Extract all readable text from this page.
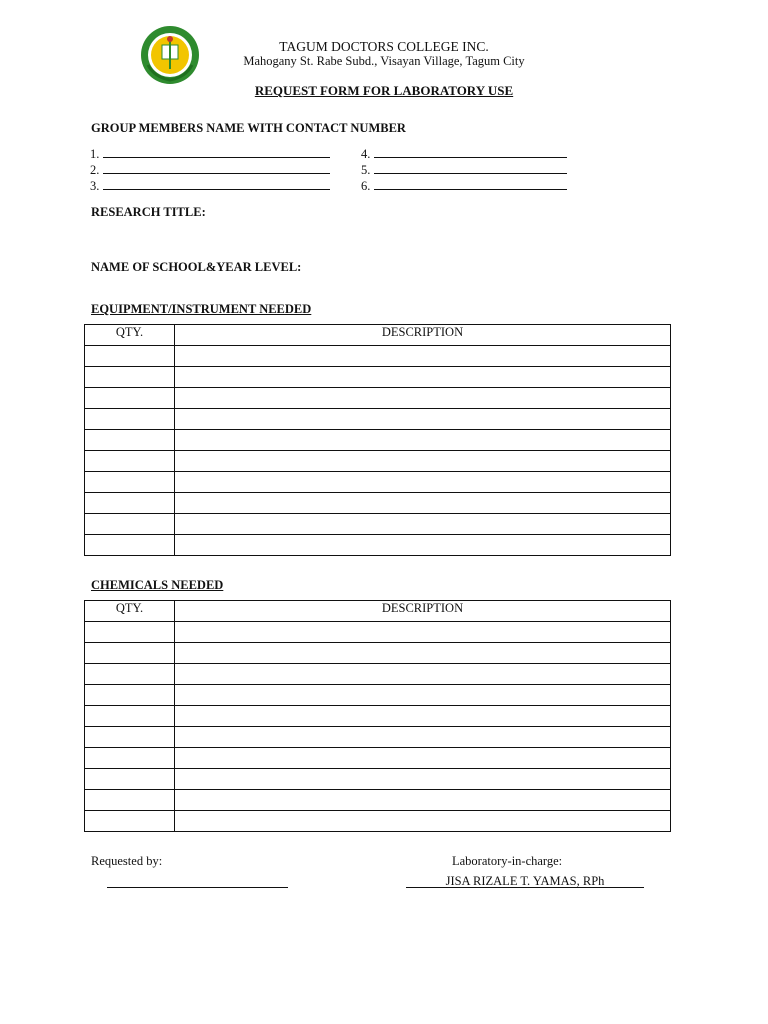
TAGUM DOCTORS COLLEGE INC.
Mahogany St. Rabe Subd., Visayan Village, Tagum City
REQUEST FORM FOR LABORATORY USE
GROUP MEMBERS NAME WITH CONTACT NUMBER
1.
2.
3.
4.
5.
6.
RESEARCH TITLE:
NAME OF SCHOOL&YEAR LEVEL:
EQUIPMENT/INSTRUMENT NEEDED
QTY.	DESCRIPTION

CHEMICALS NEEDED
QTY.	DESCRIPTION

Requested by:	Laboratory-in-charge:
JISA RIZALE T. YAMAS, RPh
